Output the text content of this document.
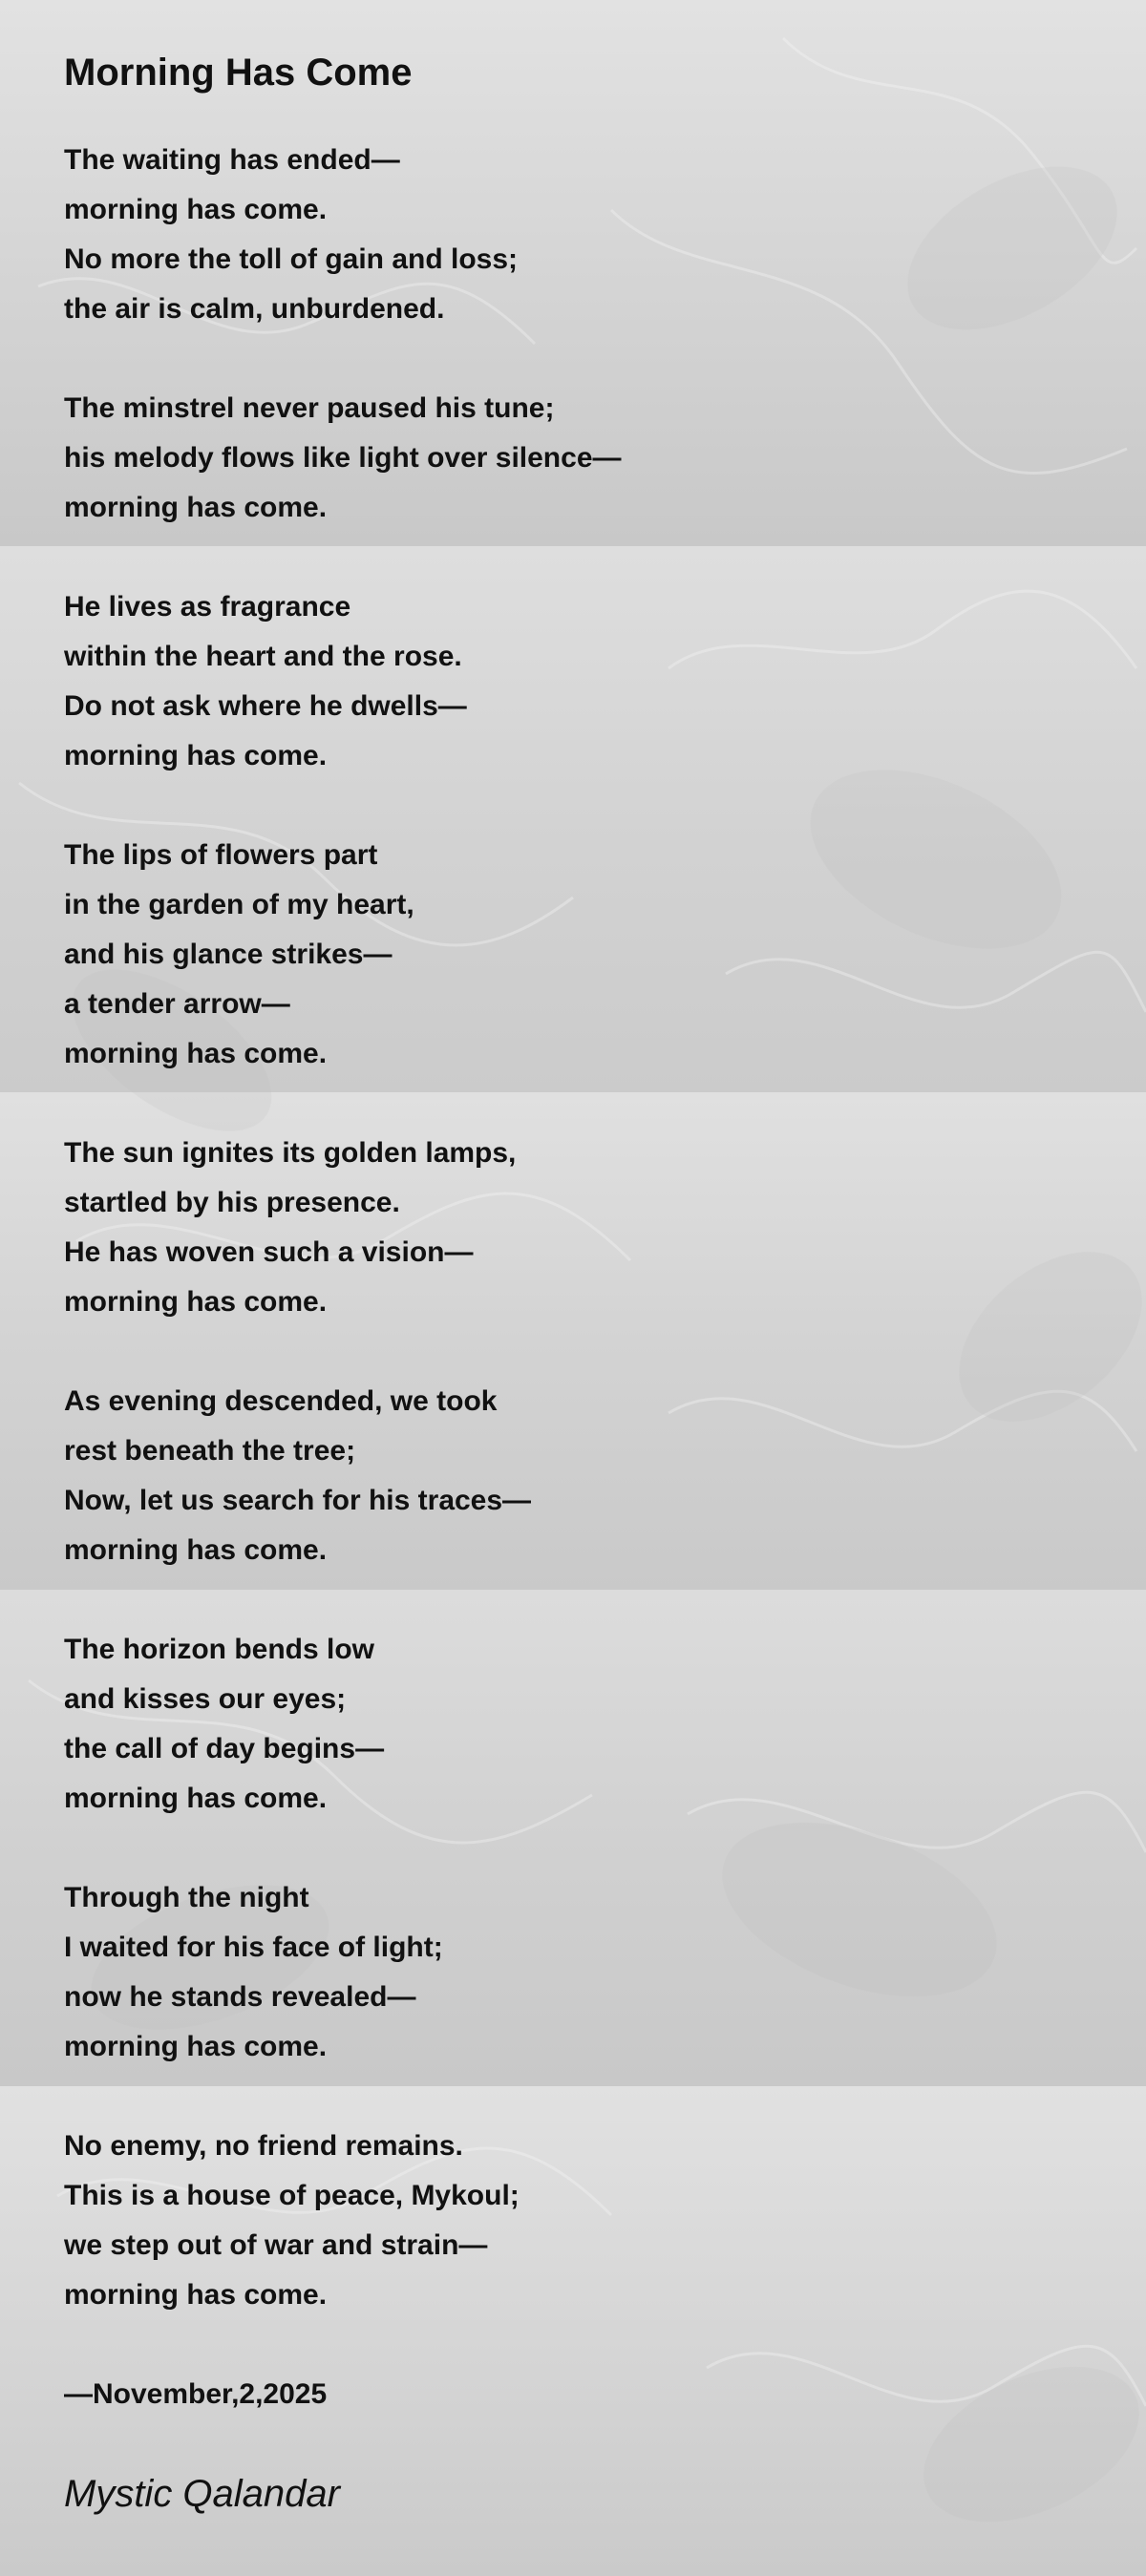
Morning Has Come
The waiting has ended—
morning has come.
No more the toll of gain and loss;
the air is calm, unburdened.
The minstrel never paused his tune;
his melody flows like light over silence—
morning has come.
He lives as fragrance
within the heart and the rose.
Do not ask where he dwells—
morning has come.
The lips of flowers part
in the garden of my heart,
and his glance strikes—
a tender arrow—
morning has come.
The sun ignites its golden lamps,
startled by his presence.
He has woven such a vision—
morning has come.
As evening descended, we took
rest beneath the tree;
Now, let us search for his traces—
morning has come.
The horizon bends low
and kisses our eyes;
the call of day begins—
morning has come.
Through the night
I waited for his face of light;
now he stands revealed—
morning has come.
No enemy, no friend remains.
This is a house of peace, Mykoul;
we step out of war and strain—
morning has come.
—November,2,2025
Mystic Qalandar
